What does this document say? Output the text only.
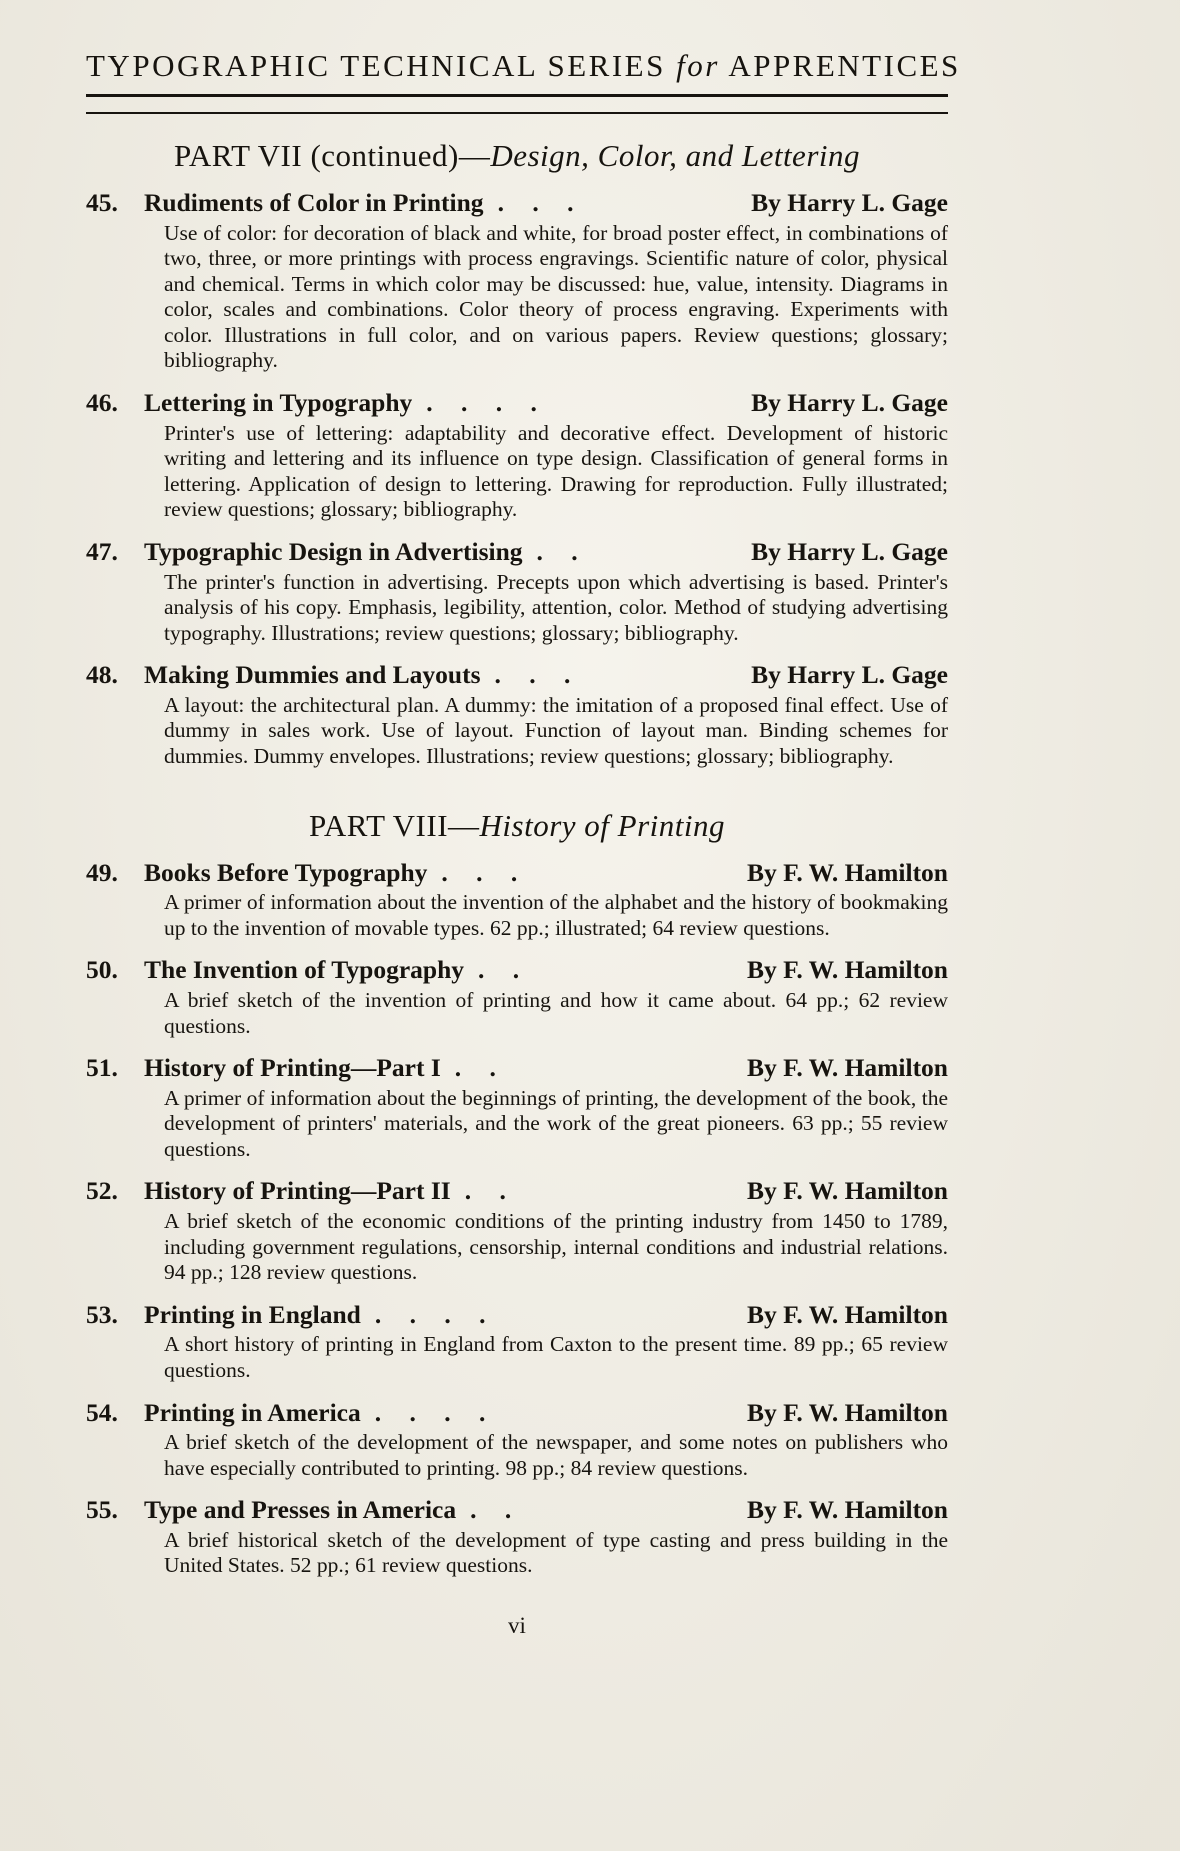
TYPOGRAPHIC TECHNICAL SERIES for APPRENTICES
PART VII (continued)—Design, Color, and Lettering
45.	Rudiments of Color in Printing . . .	By Harry L. Gage

Use of color: for decoration of black and white, for broad poster effect, in combinations of two, three, or more printings with process engravings. Scientific nature of color, physical and chemical. Terms in which color may be discussed: hue, value, intensity. Diagrams in color, scales and combinations. Color theory of process engraving. Experiments with color. Illustrations in full color, and on various papers. Review questions; glossary; bibliography.

46.	Lettering in Typography . . . .	By Harry L. Gage

Printer's use of lettering: adaptability and decorative effect. Development of historic writing and lettering and its influence on type design. Classification of general forms in lettering. Application of design to lettering. Drawing for reproduction. Fully illustrated; review questions; glossary; bibliography.

47.	Typographic Design in Advertising . .	By Harry L. Gage

The printer's function in advertising. Precepts upon which advertising is based. Printer's analysis of his copy. Emphasis, legibility, attention, color. Method of studying advertising typography. Illustrations; review questions; glossary; bibliography.

48.	Making Dummies and Layouts . . .	By Harry L. Gage

A layout: the architectural plan. A dummy: the imitation of a proposed final effect. Use of dummy in sales work. Use of layout. Function of layout man. Binding schemes for dummies. Dummy envelopes. Illustrations; review questions; glossary; bibliography.

PART VIII—History of Printing
49.	Books Before Typography . . .	By F. W. Hamilton

A primer of information about the invention of the alphabet and the history of bookmaking up to the invention of movable types. 62 pp.; illustrated; 64 review questions.

50.	The Invention of Typography . .	By F. W. Hamilton

A brief sketch of the invention of printing and how it came about. 64 pp.; 62 review questions.

51.	History of Printing—Part I . .	By F. W. Hamilton

A primer of information about the beginnings of printing, the development of the book, the development of printers' materials, and the work of the great pioneers. 63 pp.; 55 review questions.

52.	History of Printing—Part II . .	By F. W. Hamilton

A brief sketch of the economic conditions of the printing industry from 1450 to 1789, including government regulations, censorship, internal conditions and industrial relations. 94 pp.; 128 review questions.

53.	Printing in England . . . .	By F. W. Hamilton

A short history of printing in England from Caxton to the present time. 89 pp.; 65 review questions.

54.	Printing in America . . . .	By F. W. Hamilton

A brief sketch of the development of the newspaper, and some notes on publishers who have especially contributed to printing. 98 pp.; 84 review questions.

55.	Type and Presses in America . .	By F. W. Hamilton

A brief historical sketch of the development of type casting and press building in the United States. 52 pp.; 61 review questions.

vi
